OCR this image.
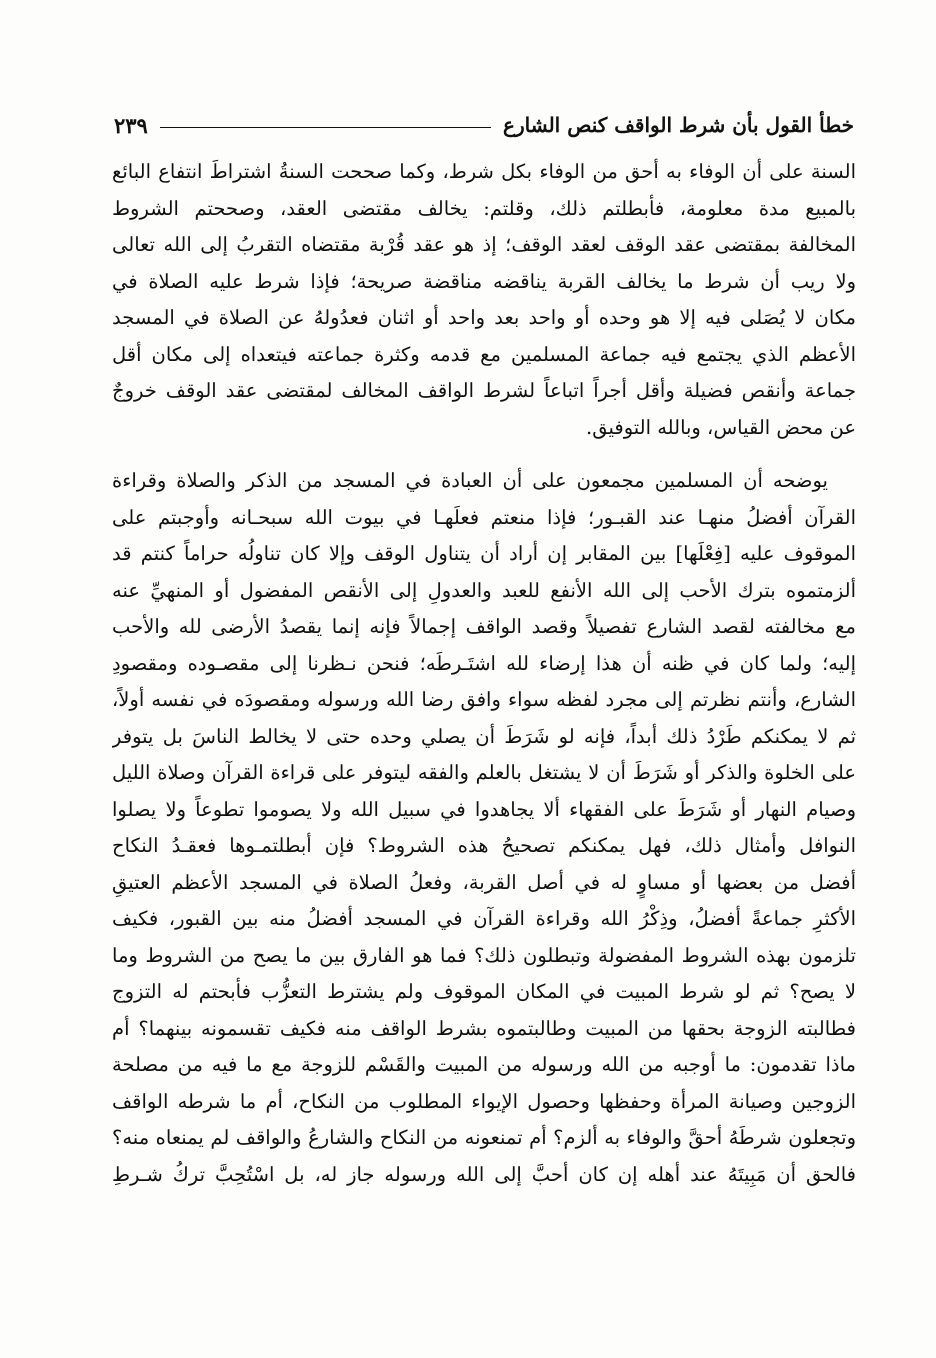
خطأ القول بأن شرط الواقف كنص الشارع
٢٣٩
السنة على أن الوفاء به أحق من الوفاء بكل شرط، وكما صححت السنةُ اشتراطَ انتفاع البائع
بالمبيع مدة معلومة، فأبطلتم ذلك، وقلتم: يخالف مقتضى العقد، وصححتم الشروط
المخالفة بمقتضى عقد الوقف لعقد الوقف؛ إذ هو عقد قُرْبة مقتضاه التقربُ إلى الله تعالى
ولا ريب أن شرط ما يخالف القربة يناقضه مناقضة صريحة؛ فإذا شرط عليه الصلاة في
مكان لا يُصَلى فيه إلا هو وحده أو واحد بعد واحد أو اثنان فعدُولهُ عن الصلاة في المسجد
الأعظم الذي يجتمع فيه جماعة المسلمين مع قدمه وكثرة جماعته فيتعداه إلى مكان أقل
جماعة وأنقص فضيلة وأقل أجراً اتباعاً لشرط الواقف المخالف لمقتضى عقد الوقف خروجٌ
عن محض القياس، وبالله التوفيق.
يوضحه أن المسلمين مجمعون على أن العبادة في المسجد من الذكر والصلاة وقراءة
القرآن أفضلُ منهـا عند القبـور؛ فإذا منعتم فعلَهـا في بيوت الله سبحـانه وأوجبتم على
الموقوف عليه [فِعْلَها] بين المقابر إن أراد أن يتناول الوقف وإلا كان تناولُه حراماً كنتم قد
ألزمتموه بترك الأحب إلى الله الأنفع للعبد والعدولِ إلى الأنقص المفضول أو المنهيِّ عنه
مع مخالفته لقصد الشارع تفصيلاً وقصد الواقف إجمالاً فإنه إنما يقصدُ الأرضى لله والأحب
إليه؛ ولما كان في ظنه أن هذا إرضاء لله اشتَـرطَه؛ فنحن نـظرنا إلى مقصـوده ومقصودِ
الشارع، وأنتم نظرتم إلى مجرد لفظه سواء وافق رضا الله ورسوله ومقصودَه في نفسه أولاً،
ثم لا يمكنكم طَرْدُ ذلك أبداً، فإنه لو شَرَطَ أن يصلي وحده حتى لا يخالط الناسَ بل يتوفر
على الخلوة والذكر أو شَرَطَ أن لا يشتغل بالعلم والفقه ليتوفر على قراءة القرآن وصلاة الليل
وصيام النهار أو شَرَطَ على الفقهاء ألا يجاهدوا في سبيل الله ولا يصوموا تطوعاً ولا يصلوا
النوافل وأمثال ذلك، فهل يمكنكم تصحيحُ هذه الشروط؟ فإن أبطلتمـوها فعقـدُ النكاح
أفضل من بعضها أو مساوٍ له في أصل القربة، وفعلُ الصلاة في المسجد الأعظم العتيقِ
الأكثرِ جماعةً أفضلُ، وذِكْرُ الله وقراءة القرآن في المسجد أفضلُ منه بين القبور، فكيف
تلزمون بهذه الشروط المفضولة وتبطلون ذلك؟ فما هو الفارق بين ما يصح من الشروط وما
لا يصح؟ ثم لو شرط المبيت في المكان الموقوف ولم يشترط التعزُّب فأبحتم له التزوج
فطالبته الزوجة بحقها من المبيت وطالبتموه بشرط الواقف منه فكيف تقسمونه بينهما؟ أم
ماذا تقدمون: ما أوجبه من الله ورسوله من المبيت والقَسْم للزوجة مع ما فيه من مصلحة
الزوجين وصيانة المرأة وحفظها وحصول الإيواء المطلوب من النكاح، أم ما شرطه الواقف
وتجعلون شرطَهُ أحقَّ والوفاء به ألزم؟ أم تمنعونه من النكاح والشارعُ والواقف لم يمنعاه منه؟
فالحق أن مَبِيتَهُ عند أهله إن كان أحبَّ إلى الله ورسوله جاز له، بل اسْتُحِبَّ تركُ شـرطِ
